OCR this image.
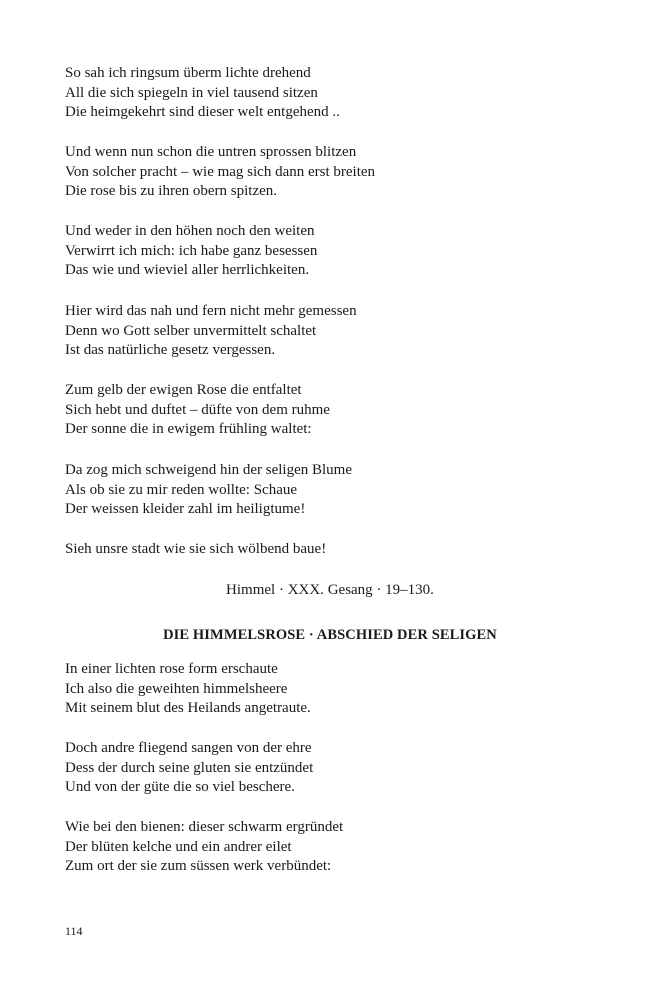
So sah ich ringsum überm lichte drehend
All die sich spiegeln in viel tausend sitzen
Die heimgekehrt sind dieser welt entgehend ..
Und wenn nun schon die untren sprossen blitzen
Von solcher pracht – wie mag sich dann erst breiten
Die rose bis zu ihren obern spitzen.
Und weder in den höhen noch den weiten
Verwirrt ich mich: ich habe ganz besessen
Das wie und wieviel aller herrlichkeiten.
Hier wird das nah und fern nicht mehr gemessen
Denn wo Gott selber unvermittelt schaltet
Ist das natürliche gesetz vergessen.
Zum gelb der ewigen Rose die entfaltet
Sich hebt und duftet – düfte von dem ruhme
Der sonne die in ewigem frühling waltet:
Da zog mich schweigend hin der seligen Blume
Als ob sie zu mir reden wollte: Schaue
Der weissen kleider zahl im heiligtume!
Sieh unsre stadt wie sie sich wölbend baue!
Himmel · XXX. Gesang · 19–130.
DIE HIMMELSROSE · ABSCHIED DER SELIGEN
In einer lichten rose form erschaute
Ich also die geweihten himmelsheere
Mit seinem blut des Heilands angetraute.
Doch andre fliegend sangen von der ehre
Dess der durch seine gluten sie entzündet
Und von der güte die so viel beschere.
Wie bei den bienen: dieser schwarm ergründet
Der blüten kelche und ein andrer eilet
Zum ort der sie zum süssen werk verbündet:
114
